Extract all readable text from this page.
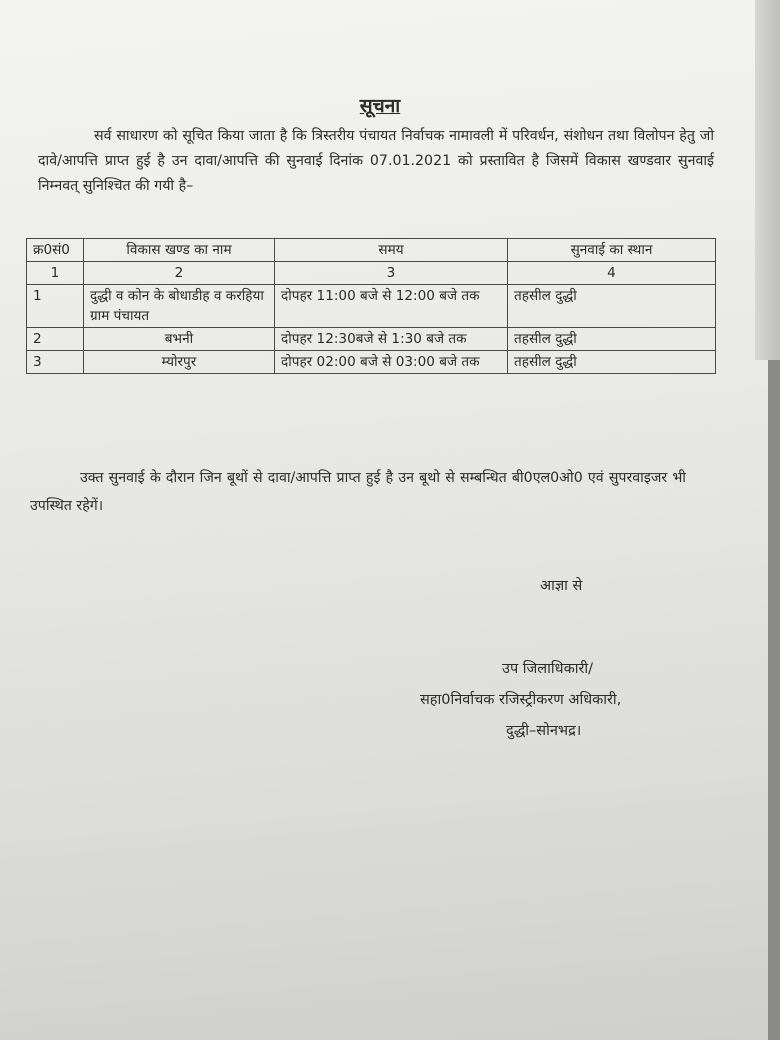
सूचना
सर्व साधारण को सूचित किया जाता है कि त्रिस्तरीय पंचायत निर्वाचक नामावली में परिवर्धन, संशोधन तथा विलोपन हेतु जो दावे/आपत्ति प्राप्त हुई है उन दावा/आपत्ति की सुनवाई दिनांक 07.01.2021 को प्रस्तावित है जिसमें विकास खण्डवार सुनवाई निम्नवत् सुनिश्चित की गयी है–
क्र0सं0	विकास खण्ड का नाम	समय	सुनवाई का स्थान
1	2	3	4
1	दुद्धी व कोन के बोधाडीह व करहिया ग्राम पंचायत	दोपहर 11:00 बजे से 12:00 बजे तक	तहसील दुद्धी
2	बभनी	दोपहर 12:30बजे से 1:30 बजे तक	तहसील दुद्धी
3	म्योरपुर	दोपहर 02:00 बजे से 03:00 बजे तक	तहसील दुद्धी
उक्त सुनवाई के दौरान जिन बूथों से दावा/आपत्ति प्राप्त हुई है उन बूथो से सम्बन्धित बी0एल0ओ0 एवं सुपरवाइजर भी उपस्थित रहेगें।
आज्ञा से
उप जिलाधिकारी/
सहा0निर्वाचक रजिस्ट्रीकरण अधिकारी,
दुद्धी–सोनभद्र।
